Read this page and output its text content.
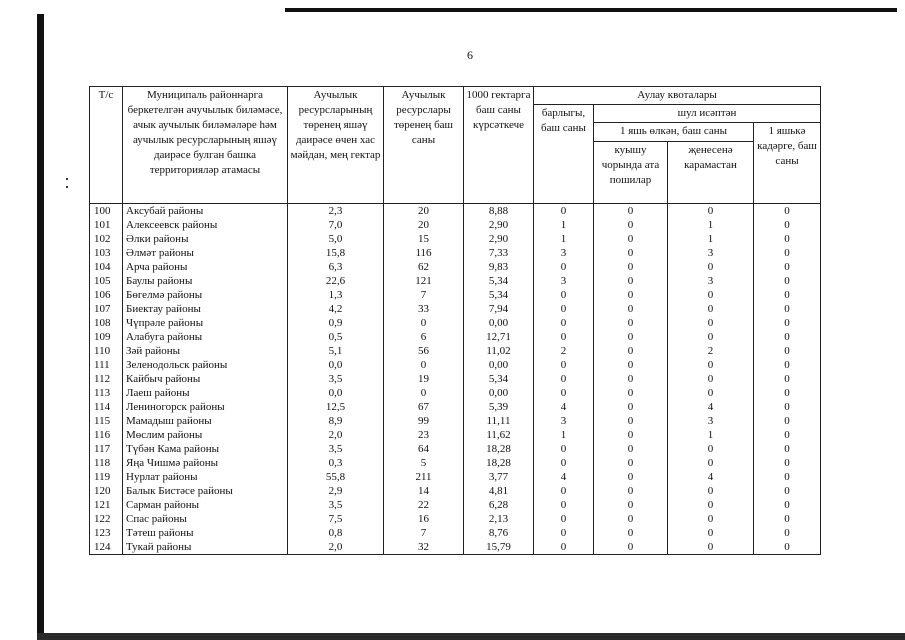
6
Т/с	Муниципаль районнарга беркетелгән ачучылык биләмәсе, ачык аучылык биләмәләре һәм аучылык ресурсларының яшәү даирәсе булган башка территорияләр атамасы	Аучылык ресурсларының төренең яшәү даирәсе өчен хас мәйдан, мең гектар	Аучылык ресурслары төренең баш саны	1000 гектарга баш саны күрсәткече	Аулау квоталары			
					барлыгы, баш саны	шул исәптән		
						1 яшь өлкән, баш саны		1 яшькә кадәрге, баш саны
						куышу чорында ата пошилар	җенесенә карамастан	
100	Аксубай районы	2,3	20	8,88	0	0	0	0
101	Алексеевск районы	7,0	20	2,90	1	0	1	0
102	Әлки районы	5,0	15	2,90	1	0	1	0
103	Әлмәт районы	15,8	116	7,33	3	0	3	0
104	Арча районы	6,3	62	9,83	0	0	0	0
105	Баулы районы	22,6	121	5,34	3	0	3	0
106	Бөгелмә районы	1,3	7	5,34	0	0	0	0
107	Биектау районы	4,2	33	7,94	0	0	0	0
108	Чүпрәле районы	0,9	0	0,00	0	0	0	0
109	Алабуга районы	0,5	6	12,71	0	0	0	0
110	Зәй районы	5,1	56	11,02	2	0	2	0
111	Зеленодольск районы	0,0	0	0,00	0	0	0	0
112	Кайбыч районы	3,5	19	5,34	0	0	0	0
113	Лаеш районы	0,0	0	0,00	0	0	0	0
114	Лениногорск районы	12,5	67	5,39	4	0	4	0
115	Мамадыш районы	8,9	99	11,11	3	0	3	0
116	Мөслим районы	2,0	23	11,62	1	0	1	0
117	Түбән Кама районы	3,5	64	18,28	0	0	0	0
118	Яңа Чишмә районы	0,3	5	18,28	0	0	0	0
119	Нурлат районы	55,8	211	3,77	4	0	4	0
120	Балык Бистәсе районы	2,9	14	4,81	0	0	0	0
121	Сарман районы	3,5	22	6,28	0	0	0	0
122	Спас районы	7,5	16	2,13	0	0	0	0
123	Тәтеш районы	0,8	7	8,76	0	0	0	0
124	Тукай районы	2,0	32	15,79	0	0	0	0
